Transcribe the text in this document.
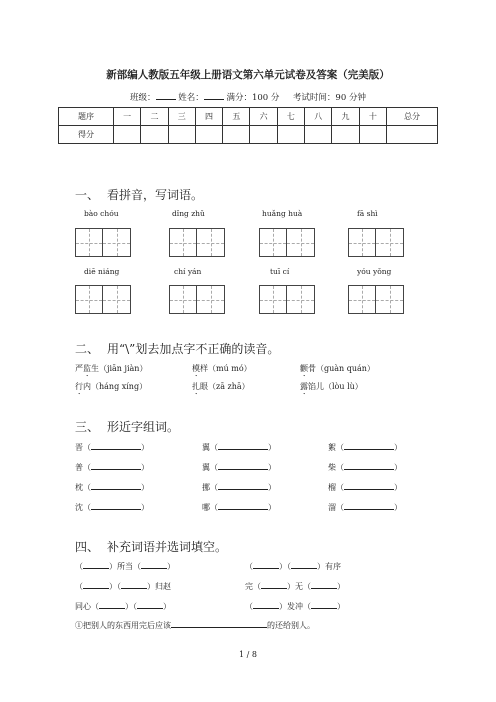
新部编人教版五年级上册语文第六单元试卷及答案（完美版）
班级：	姓名：	满分：100 分 考试时间：90 分钟
题序	一	二	三	四	五	六	七	八	九	十	总分
得分											
一、 看拼音，写词语。
bào chóu	dǐng zhǔ	huǎng huà	fā shì
diē niáng	chí yán	tuī cí	yóu yǒng
二、 用“\”划去加点字不正确的读音。
严监生（jiān jiàn）	模样（mú mó）	颧骨（guàn quán）
行内（háng xíng）	扎眼（zā zhā）	露馅儿（lòu lù）
三、 形近字组词。
晋（	）	翼（	）	絮（	）
普（	）	翼（	）	柴（	）
枕（	）	挪（	）	榴（	）
沈（	）	哪（	）	溜（	）
四、 补充词语并选词填空。
（	）所当（	）	（	）（	）有序
（	）（	）归赵	完（	）无（	）
同心（	）（	）	（	）发冲（	）
①把别人的东西用完后应该	的还给别人。
1 / 8
